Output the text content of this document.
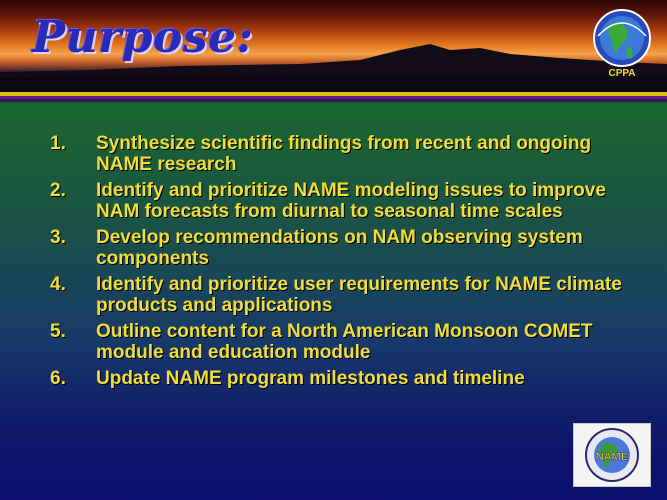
Purpose:
CPPA
1.	Synthesize scientific findings from recent and ongoing NAME research
2.	Identify and prioritize NAME modeling issues to improve NAM forecasts from diurnal to seasonal time scales
3.	Develop recommendations on NAM observing system components
4.	Identify and prioritize user requirements for NAME climate products and applications
5.	Outline content for a North American Monsoon COMET module and education module
6.	Update NAME program milestones and timeline
NAME
